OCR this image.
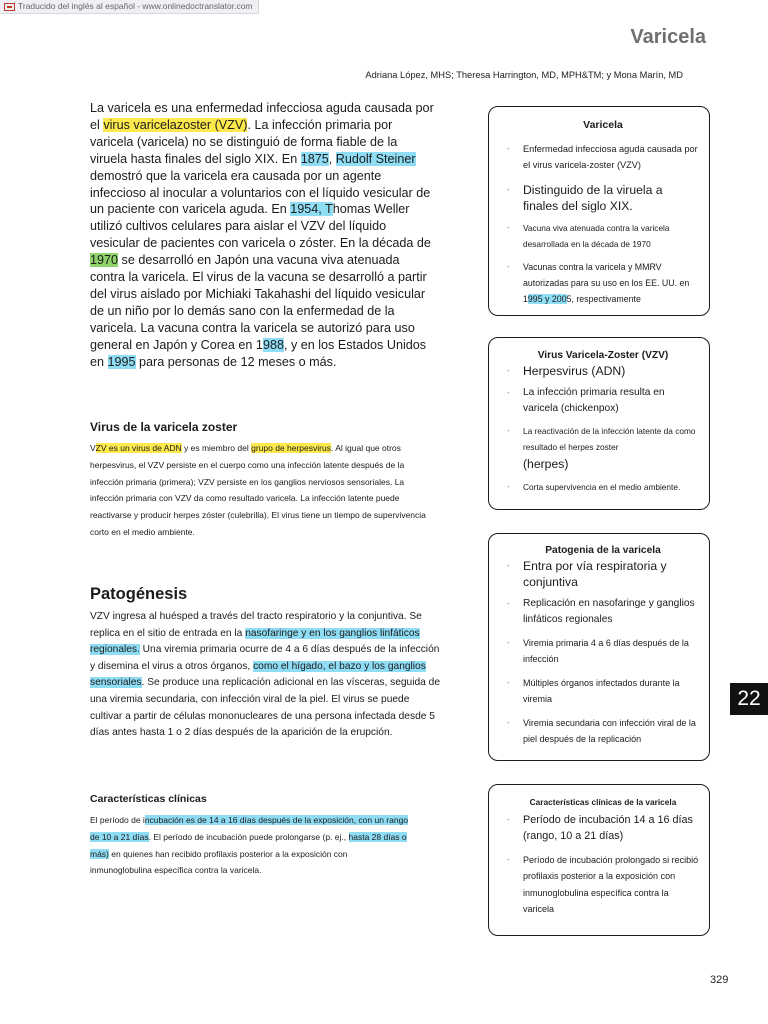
Traducido del inglés al español - www.onlinedoctranslator.com
Varicela
Adriana López, MHS; Theresa Harrington, MD, MPH&TM; y Mona Marín, MD

La varicela es una enfermedad infecciosa aguda causada por el virus varicelazoster (VZV). La infección primaria por varicela (varicela) no se distinguió de forma fiable de la viruela hasta finales del siglo XIX. En 1875, Rudolf Steiner demostró que la varicela era causada por un agente infeccioso al inocular a voluntarios con el líquido vesicular de un paciente con varicela aguda. En 1954, Thomas Weller utilizó cultivos celulares para aislar el VZV del líquido vesicular de pacientes con varicela o zóster. En la década de 1970 se desarrolló en Japón una vacuna viva atenuada contra la varicela. El virus de la vacuna se desarrolló a partir del virus aislado por Michiaki Takahashi del líquido vesicular de un niño por lo demás sano con la enfermedad de la varicela. La vacuna contra la varicela se autorizó para uso general en Japón y Corea en 1988, y en los Estados Unidos en 1995 para personas de 12 meses o más.

Virus de la varicela zoster

VZV es un virus de ADN y es miembro del grupo de herpesvirus. Al igual que otros herpesvirus, el VZV persiste en el cuerpo como una infección latente después de la infección primaria (primera); VZV persiste en los ganglios nerviosos sensoriales. La infección primaria con VZV da como resultado varicela. La infección latente puede reactivarse y producir herpes zóster (culebrilla). El virus tiene un tiempo de supervivencia corto en el medio ambiente.

Patogénesis

VZV ingresa al huésped a través del tracto respiratorio y la conjuntiva. Se replica en el sitio de entrada en la nasofaringe y en los ganglios linfáticos regionales. Una viremia primaria ocurre de 4 a 6 días después de la infección y disemina el virus a otros órganos, como el hígado, el bazo y los ganglios sensoriales. Se produce una replicación adicional en las vísceras, seguida de una viremia secundaria, con infección viral de la piel. El virus se puede cultivar a partir de células mononucleares de una persona infectada desde 5 días antes hasta 1 o 2 días después de la aparición de la erupción.

Características clínicas

El período de incubación es de 14 a 16 días después de la exposición, con un rango de 10 a 21 días. El período de incubación puede prolongarse (p. ej., hasta 28 días o más) en quienes han recibido profilaxis posterior a la exposición con inmunoglobulina específica contra la varicela.

Varicela
- Enfermedad infecciosa aguda causada por el virus varicela-zoster (VZV)
- Distinguido de la viruela a finales del siglo XIX.
- Vacuna viva atenuada contra la varicela desarrollada en la década de 1970
- Vacunas contra la varicela y MMRV autorizadas para su uso en los EE. UU. en 1995 y 2005, respectivamente
Virus Varicela-Zoster (VZV)
- Herpesvirus (ADN)
- La infección primaria resulta en varicela (chickenpox)
- La reactivación de la infección latente da como resultado el herpes zoster
(herpes)
- Corta supervivencia en el medio ambiente.
Patogenia de la varicela
- Entra por vía respiratoria y conjuntiva
- Replicación en nasofaringe y ganglios linfáticos regionales
- Viremia primaria 4 a 6 días después de la infección
- Múltiples órganos infectados durante la viremia
- Viremia secundaria con infección viral de la piel después de la replicación
Características clínicas de la varicela
- Período de incubación 14 a 16 días (rango, 10 a 21 días)
- Período de incubación prolongado si recibió profilaxis posterior a la exposición con inmunoglobulina específica contra la varicela
22
329
